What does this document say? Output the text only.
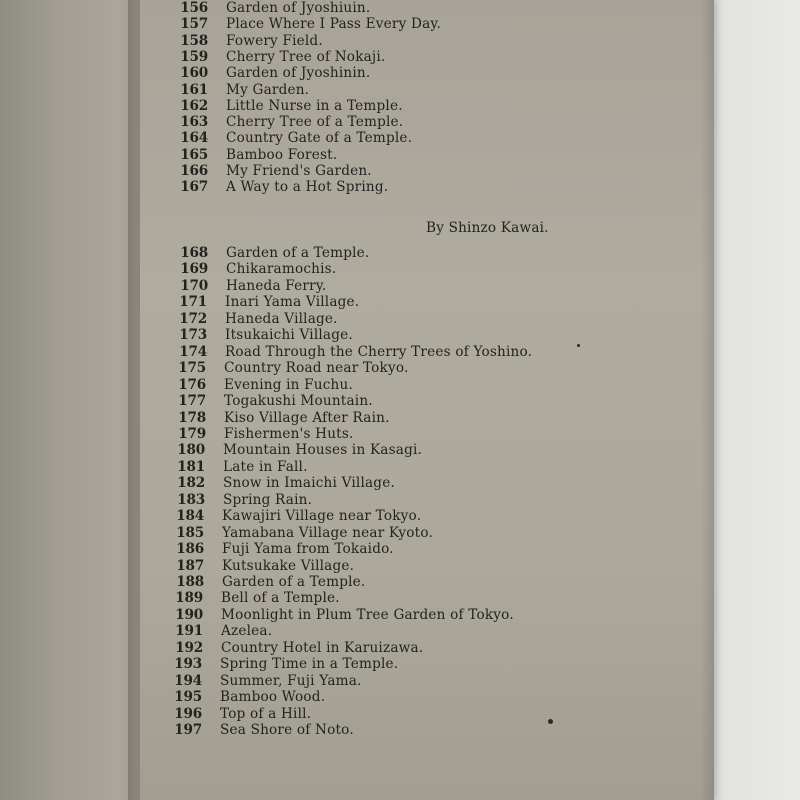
156 Garden of Jyoshiuin.
157 Place Where I Pass Every Day.
158 Fowery Field.
159 Cherry Tree of Nokaji.
160 Garden of Jyoshinin.
161 My Garden.
162 Little Nurse in a Temple.
163 Cherry Tree of a Temple.
164 Country Gate of a Temple.
165 Bamboo Forest.
166 My Friend's Garden.
167 A Way to a Hot Spring.
By Shinzo Kawai.
168 Garden of a Temple.
169 Chikaramochis.
170 Haneda Ferry.
171 Inari Yama Village.
172 Haneda Village.
173 Itsukaichi Village.
174 Road Through the Cherry Trees of Yoshino.
175 Country Road near Tokyo.
176 Evening in Fuchu.
177 Togakushi Mountain.
178 Kiso Village After Rain.
179 Fishermen's Huts.
180 Mountain Houses in Kasagi.
181 Late in Fall.
182 Snow in Imaichi Village.
183 Spring Rain.
184 Kawajiri Village near Tokyo.
185 Yamabana Village near Kyoto.
186 Fuji Yama from Tokaido.
187 Kutsukake Village.
188 Garden of a Temple.
189 Bell of a Temple.
190 Moonlight in Plum Tree Garden of Tokyo.
191 Azelea.
192 Country Hotel in Karuizawa.
193 Spring Time in a Temple.
194 Summer, Fuji Yama.
195 Bamboo Wood.
196 Top of a Hill.
197 Sea Shore of Noto.
